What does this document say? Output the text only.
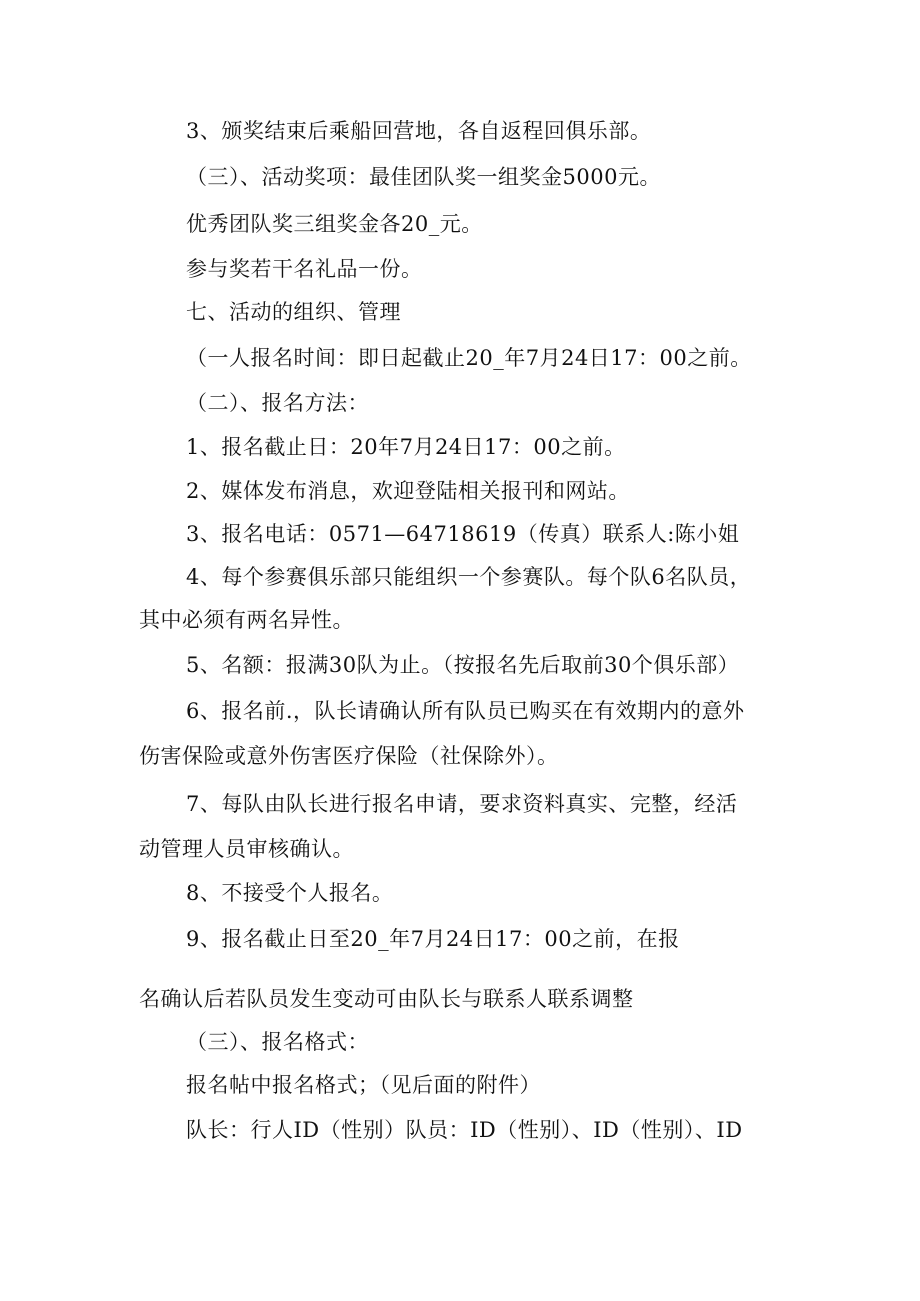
3、颁奖结束后乘船回营地，各自返程回俱乐部。
（三）、活动奖项：最佳团队奖一组奖金5000元。
优秀团队奖三组奖金各20_元。
参与奖若干名礼品一份。
七、活动的组织、管理
（一人报名时间：即日起截止20_年7月24日17：00之前。
（二）、报名方法：
1、报名截止日：20年7月24日17：00之前。
2、媒体发布消息，欢迎登陆相关报刊和网站。
3、报名电话：0571—64718619（传真）联系人:陈小姐
4、每个参赛俱乐部只能组织一个参赛队。每个队6名队员，
其中必须有两名异性。
5、名额：报满30队为止。（按报名先后取前30个俱乐部）
6、报名前.，队长请确认所有队员已购买在有效期内的意外
伤害保险或意外伤害医疗保险（社保除外）。
7、每队由队长进行报名申请，要求资料真实、完整，经活
动管理人员审核确认。
8、不接受个人报名。
9、报名截止日至20_年7月24日17：00之前，在报
名确认后若队员发生变动可由队长与联系人联系调整
（三）、报名格式：
报名帖中报名格式；（见后面的附件）
队长：行人ID（性别）队员：ID（性别）、ID（性别）、ID
